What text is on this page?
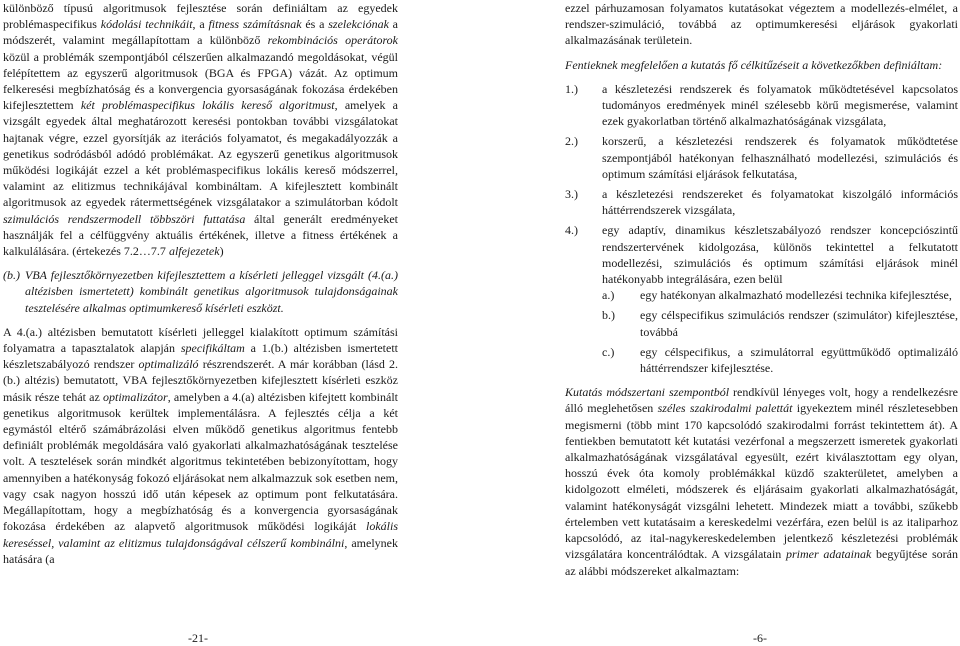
különböző típusú algoritmusok fejlesztése során definiáltam az egyedek problémaspecifikus kódolási technikáit, a fitness számításnak és a szelekciónak a módszerét, valamint megállapítottam a különböző rekombinációs operátorok közül a problémák szempontjából célszerűen alkalmazandó megoldásokat, végül felépítettem az egyszerű algoritmusok (BGA és FPGA) vázát. Az optimum felkeresési megbízhatóság és a konvergencia gyorsaságának fokozása érdekében kifejlesztettem két problémaspecifikus lokális kereső algoritmust, amelyek a vizsgált egyedek által meghatározott keresési pontokban további vizsgálatokat hajtanak végre, ezzel gyorsítják az iterációs folyamatot, és megakadályozzák a genetikus sodródásból adódó problémákat. Az egyszerű genetikus algoritmusok működési logikáját ezzel a két problémaspecifikus lokális kereső módszerrel, valamint az elitizmus technikájával kombináltam. A kifejlesztett kombinált algoritmusok az egyedek rátermettségének vizsgálatakor a szimulátorban kódolt szimulációs rendszermodell többszöri futtatása által generált eredményeket használják fel a célfüggvény aktuális értékének, illetve a fitness értékének a kalkulálására. (értekezés 7.2…7.7 alfejezetek)

(b.) VBA fejlesztőkörnyezetben kifejlesztettem a kísérleti jelleggel vizsgált (4.(a.) altézisben ismertetett) kombinált genetikus algoritmusok tulajdonságainak tesztelésére alkalmas optimumkereső kísérleti eszközt.

A 4.(a.) altézisben bemutatott kísérleti jelleggel kialakított optimum számítási folyamatra a tapasztalatok alapján specifikáltam a 1.(b.) altézisben ismertetett készletszabályozó rendszer optimalizáló részrendszerét. A már korábban (lásd 2.(b.) altézis) bemutatott, VBA fejlesztőkörnyezetben kifejlesztett kísérleti eszköz másik része tehát az optimalizátor, amelyben a 4.(a) altézisben kifejtett kombinált genetikus algoritmusok kerültek implementálásra. A fejlesztés célja a két egymástól eltérő számábrázolási elven működő genetikus algoritmus fentebb definiált problémák megoldására való gyakorlati alkalmazhatóságának tesztelése volt. A tesztelések során mindkét algoritmus tekintetében bebizonyítottam, hogy amennyiben a hatékonyság fokozó eljárásokat nem alkalmazzuk sok esetben nem, vagy csak nagyon hosszú idő után képesek az optimum pont felkutatására. Megállapítottam, hogy a megbízhatóság és a konvergencia gyorsaságának fokozása érdekében az alapvető algoritmusok működési logikáját lokális kereséssel, valamint az elitizmus tulajdonságával célszerű kombinálni, amelynek hatására (a

ezzel párhuzamosan folyamatos kutatásokat végeztem a modellezés-elmélet, a rendszer-szimuláció, továbbá az optimumkeresési eljárások gyakorlati alkalmazásának területein.

Fentieknek megfelelően a kutatás fő célkitűzéseit a következőkben definiáltam:

1.)	a készletezési rendszerek és folyamatok működtetésével kapcsolatos tudományos eredmények minél szélesebb körű megismerése, valamint ezek gyakorlatban történő alkalmazhatóságának vizsgálata,
2.)	korszerű, a készletezési rendszerek és folyamatok működtetése szempontjából hatékonyan felhasználható modellezési, szimulációs és optimum számítási eljárások felkutatása,
3.)	a készletezési rendszereket és folyamatokat kiszolgáló információs háttérrendszerek vizsgálata,
4.)	egy adaptív, dinamikus készletszabályozó rendszer koncepciószintű rendszertervének kidolgozása, különös tekintettel a felkutatott modellezési, szimulációs és optimum számítási eljárások minél hatékonyabb integrálására, ezen belül
a.)	egy hatékonyan alkalmazható modellezési technika kifejlesztése,
b.)	egy célspecifikus szimulációs rendszer (szimulátor) kifejlesztése, továbbá
c.)	egy célspecifikus, a szimulátorral együttműködő optimalizáló háttérrendszer kifejlesztése.

Kutatás módszertani szempontból rendkívül lényeges volt, hogy a rendelkezésre álló meglehetősen széles szakirodalmi palettát igyekeztem minél részletesebben megismerni (több mint 170 kapcsolódó szakirodalmi forrást tekintettem át). A fentiekben bemutatott két kutatási vezérfonal a megszerzett ismeretek gyakorlati alkalmazhatóságának vizsgálatával egyesült, ezért kiválasztottam egy olyan, hosszú évek óta komoly problémákkal küzdő szakterületet, amelyben a kidolgozott elméleti, módszerek és eljárásaim gyakorlati alkalmazhatóságát, valamint hatékonyságát vizsgálni lehetett. Mindezek miatt a további, szűkebb értelemben vett kutatásaim a kereskedelmi vezérfára, ezen belül is az italiparhoz kapcsolódó, az ital-nagykereskedelemben jelentkező készletezési problémák vizsgálatára koncentrálódtak. A vizsgálatain primer adatainak begyűjtése során az alábbi módszereket alkalmaztam:

-21-	-6-
